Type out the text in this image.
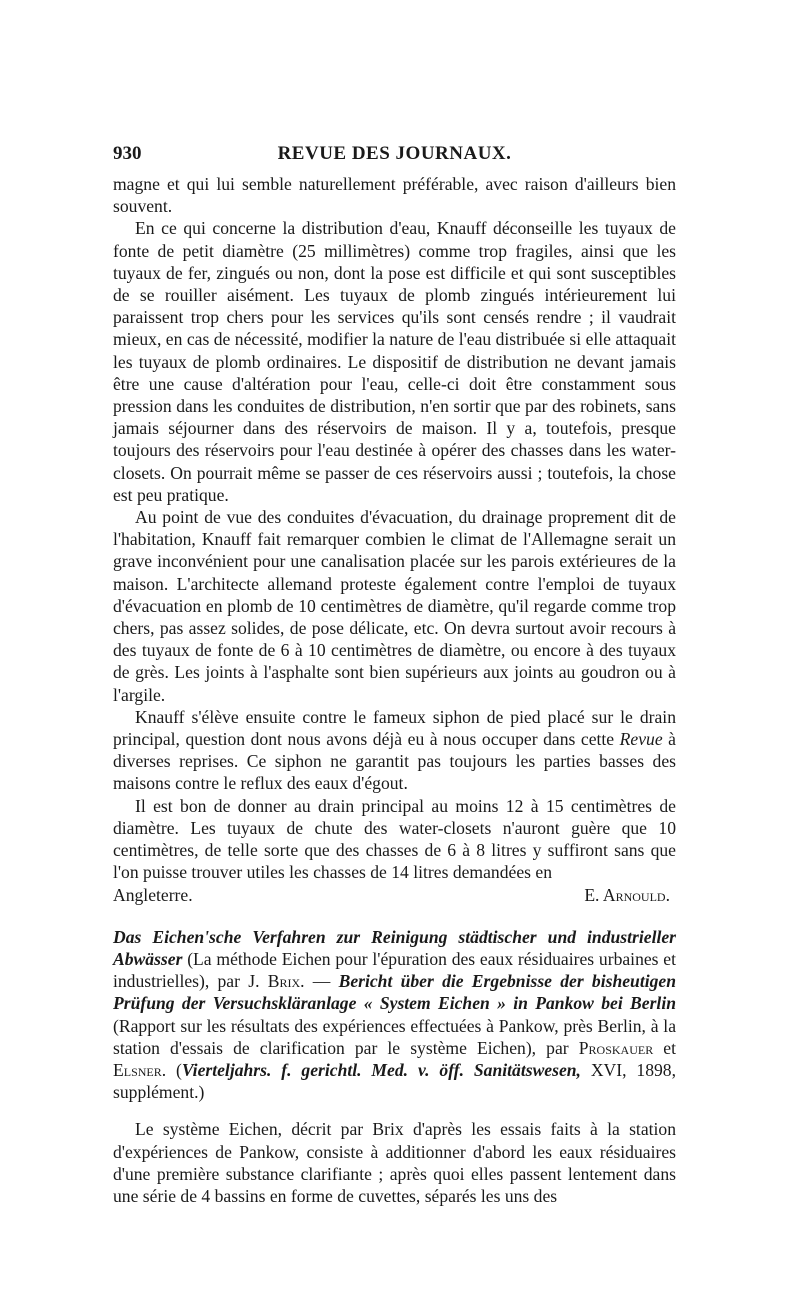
930	REVUE DES JOURNAUX.

magne et qui lui semble naturellement préférable, avec raison d'ailleurs bien souvent.

En ce qui concerne la distribution d'eau, Knauff déconseille les tuyaux de fonte de petit diamètre (25 millimètres) comme trop fragiles, ainsi que les tuyaux de fer, zingués ou non, dont la pose est difficile et qui sont susceptibles de se rouiller aisément. Les tuyaux de plomb zingués intérieurement lui paraissent trop chers pour les services qu'ils sont censés rendre ; il vaudrait mieux, en cas de nécessité, modifier la nature de l'eau distribuée si elle attaquait les tuyaux de plomb ordinaires. Le dispositif de distribution ne devant jamais être une cause d'altération pour l'eau, celle-ci doit être constamment sous pression dans les conduites de distribution, n'en sortir que par des robinets, sans jamais séjourner dans des réservoirs de maison. Il y a, toutefois, presque toujours des réservoirs pour l'eau destinée à opérer des chasses dans les water-closets. On pourrait même se passer de ces réservoirs aussi ; toutefois, la chose est peu pratique.

Au point de vue des conduites d'évacuation, du drainage proprement dit de l'habitation, Knauff fait remarquer combien le climat de l'Allemagne serait un grave inconvénient pour une canalisation placée sur les parois extérieures de la maison. L'architecte allemand proteste également contre l'emploi de tuyaux d'évacuation en plomb de 10 centimètres de diamètre, qu'il regarde comme trop chers, pas assez solides, de pose délicate, etc. On devra surtout avoir recours à des tuyaux de fonte de 6 à 10 centimètres de diamètre, ou encore à des tuyaux de grès. Les joints à l'asphalte sont bien supérieurs aux joints au goudron ou à l'argile.

Knauff s'élève ensuite contre le fameux siphon de pied placé sur le drain principal, question dont nous avons déjà eu à nous occuper dans cette Revue à diverses reprises. Ce siphon ne garantit pas toujours les parties basses des maisons contre le reflux des eaux d'égout.

Il est bon de donner au drain principal au moins 12 à 15 centimètres de diamètre. Les tuyaux de chute des water-closets n'auront guère que 10 centimètres, de telle sorte que des chasses de 6 à 8 litres y suffiront sans que l'on puisse trouver utiles les chasses de 14 litres demandées en

Angleterre.	E. Arnould.

Das Eichen'sche Verfahren zur Reinigung städtischer und industrieller Abwässer (La méthode Eichen pour l'épuration des eaux résiduaires urbaines et industrielles), par J. Brix. — Bericht über die Ergebnisse der bisheutigen Prüfung der Versuchskläranlage « System Eichen » in Pankow bei Berlin (Rapport sur les résultats des expériences effectuées à Pankow, près Berlin, à la station d'essais de clarification par le système Eichen), par Proskauer et Elsner. (Vierteljahrs. f. gerichtl. Med. v. öff. Sanitätswesen, XVI, 1898, supplément.)

Le système Eichen, décrit par Brix d'après les essais faits à la station d'expériences de Pankow, consiste à additionner d'abord les eaux résiduaires d'une première substance clarifiante ; après quoi elles passent lentement dans une série de 4 bassins en forme de cuvettes, séparés les uns des
